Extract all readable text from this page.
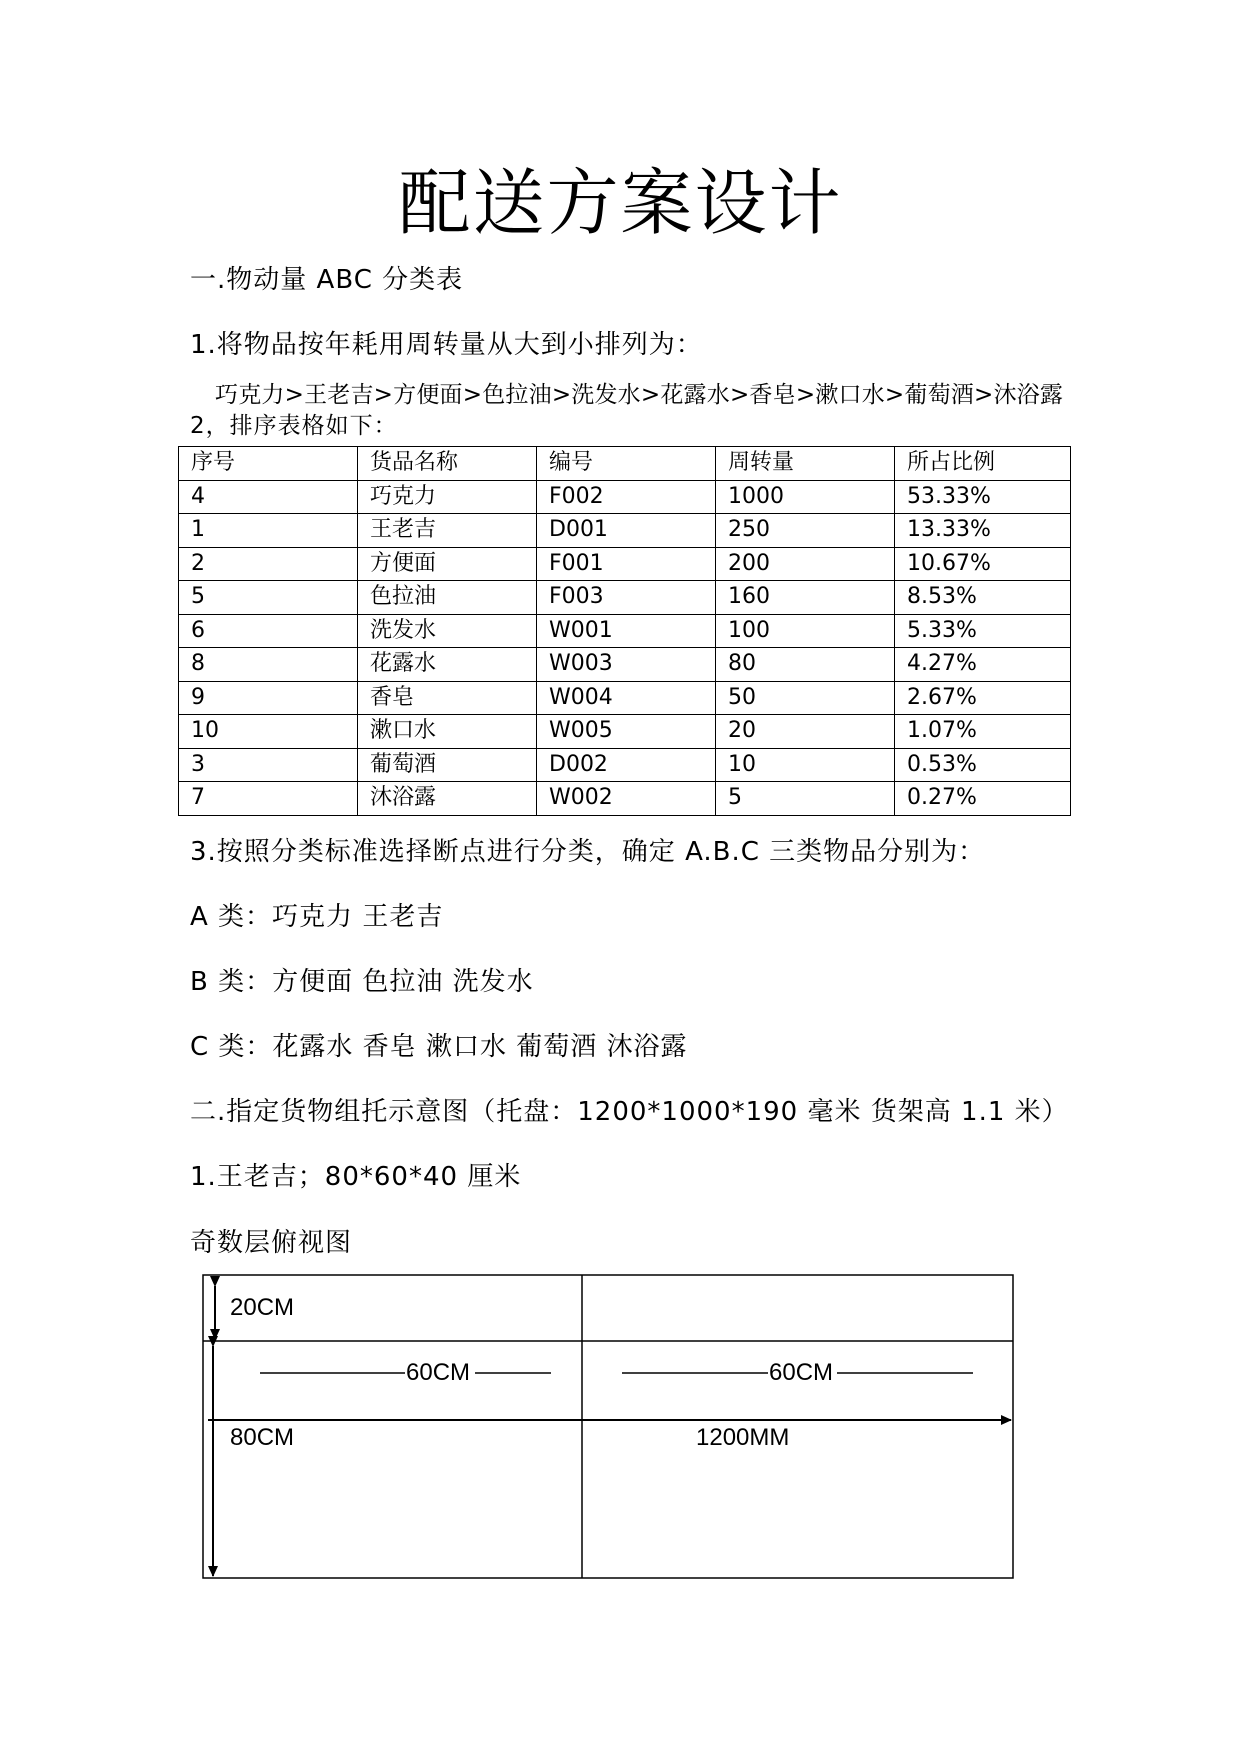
配送方案设计
一.物动量 ABC 分类表
1.将物品按年耗用周转量从大到小排列为：
巧克力>王老吉>方便面>色拉油>洗发水>花露水>香皂>漱口水>葡萄酒>沐浴露
2，排序表格如下：
序号	货品名称	编号	周转量	所占比例
4	巧克力	F002	1000	53.33%
1	王老吉	D001	250	13.33%
2	方便面	F001	200	10.67%
5	色拉油	F003	160	8.53%
6	洗发水	W001	100	5.33%
8	花露水	W003	80	4.27%
9	香皂	W004	50	2.67%
10	漱口水	W005	20	1.07%
3	葡萄酒	D002	10	0.53%
7	沐浴露	W002	5	0.27%
3.按照分类标准选择断点进行分类，确定 A.B.C 三类物品分别为：
A 类：巧克力 王老吉
B 类：方便面 色拉油 洗发水
C 类：花露水 香皂 漱口水 葡萄酒 沐浴露
二.指定货物组托示意图（托盘：1200*1000*190 毫米 货架高 1.1 米）
1.王老吉；80*60*40 厘米
奇数层俯视图
20CM
60CM	60CM
80CM	1200MM
